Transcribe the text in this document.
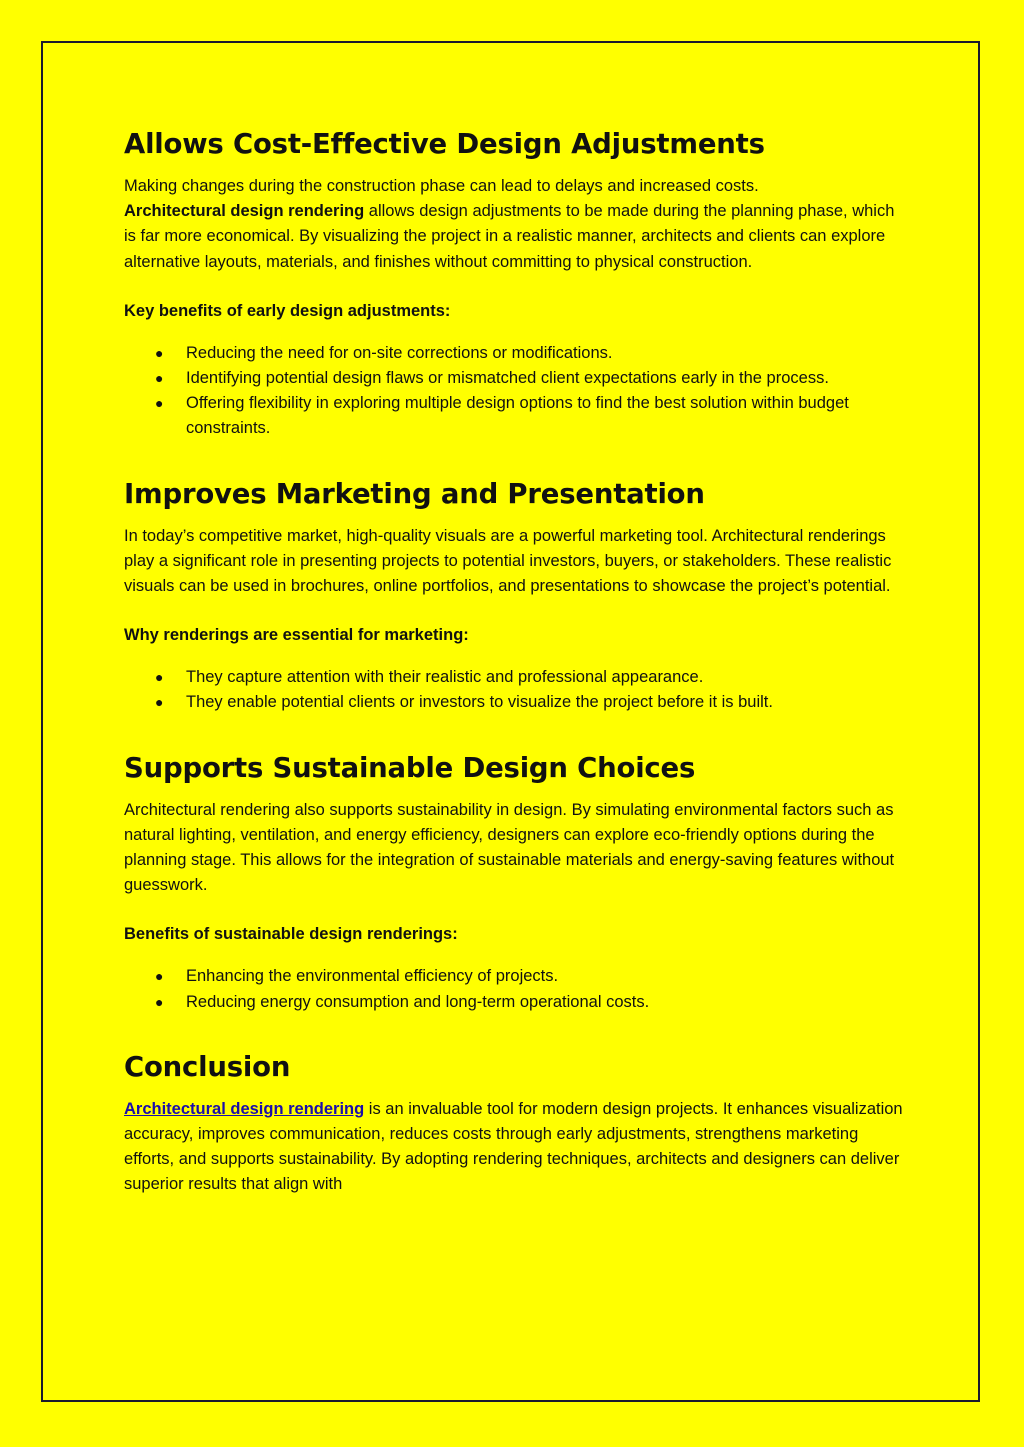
Allows Cost-Effective Design Adjustments

Making changes during the construction phase can lead to delays and increased costs.
Architectural design rendering allows design adjustments to be made during the planning phase, which is far more economical. By visualizing the project in a realistic manner, architects and clients can explore alternative layouts, materials, and finishes without committing to physical construction.

Key benefits of early design adjustments:
● Reducing the need for on-site corrections or modifications.
● Identifying potential design flaws or mismatched client expectations early in the process.
● Offering flexibility in exploring multiple design options to find the best solution within budget constraints.
Improves Marketing and Presentation

In today’s competitive market, high-quality visuals are a powerful marketing tool. Architectural renderings play a significant role in presenting projects to potential investors, buyers, or stakeholders. These realistic visuals can be used in brochures, online portfolios, and presentations to showcase the project’s potential.

Why renderings are essential for marketing:
● They capture attention with their realistic and professional appearance.
● They enable potential clients or investors to visualize the project before it is built.
Supports Sustainable Design Choices

Architectural rendering also supports sustainability in design. By simulating environmental factors such as natural lighting, ventilation, and energy efficiency, designers can explore eco-friendly options during the planning stage. This allows for the integration of sustainable materials and energy-saving features without guesswork.

Benefits of sustainable design renderings:
● Enhancing the environmental efficiency of projects.
● Reducing energy consumption and long-term operational costs.
Conclusion

Architectural design rendering is an invaluable tool for modern design projects. It enhances visualization accuracy, improves communication, reduces costs through early adjustments, strengthens marketing efforts, and supports sustainability. By adopting rendering techniques, architects and designers can deliver superior results that align with
